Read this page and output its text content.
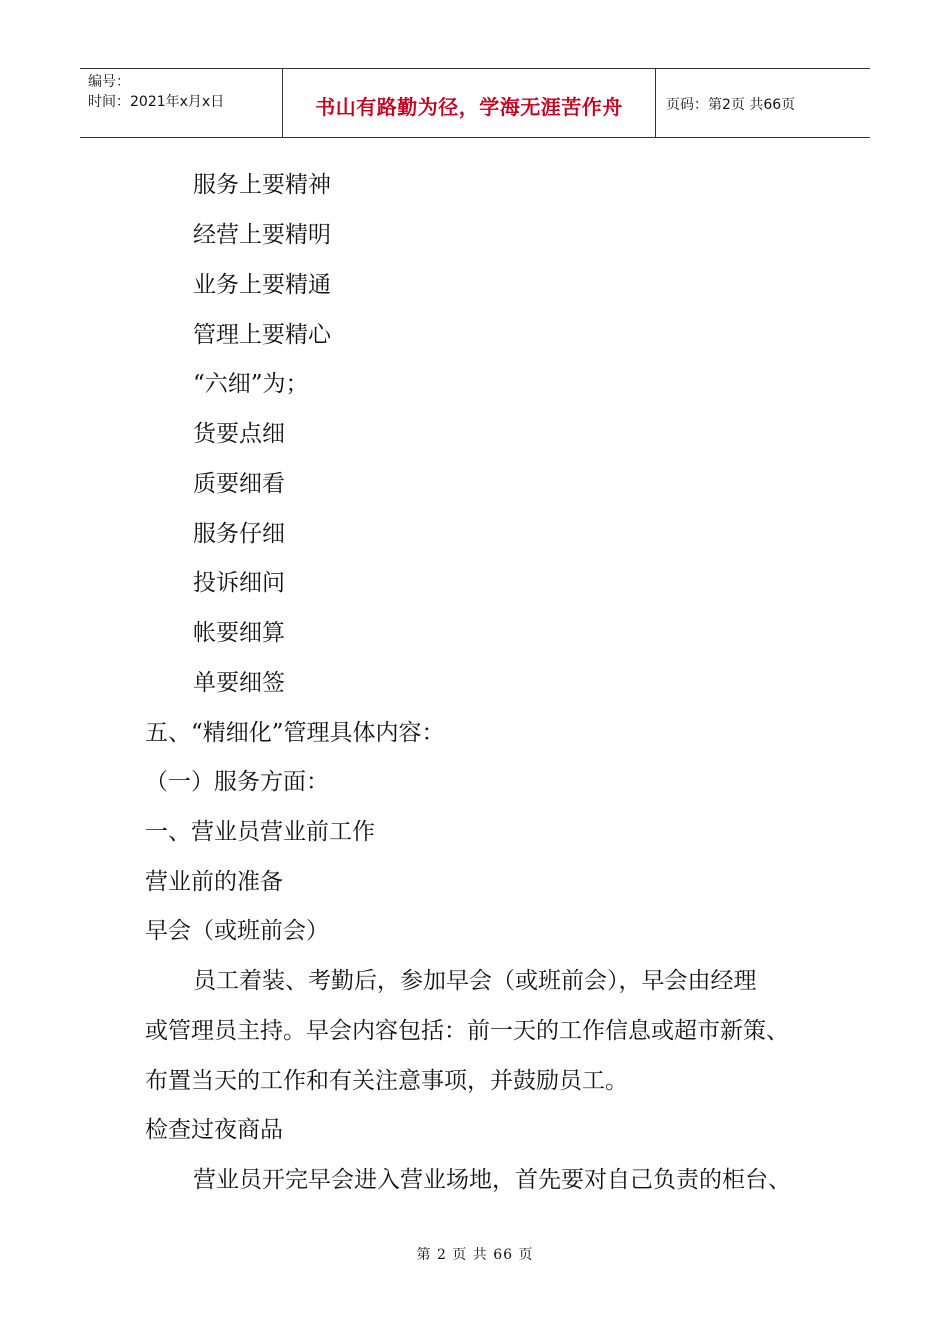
编号：
时间：2021年x月x日	书山有路勤为径，学海无涯苦作舟	页码：第2页 共66页
服务上要精神
经营上要精明
业务上要精通
管理上要精心
“六细”为；
货要点细
质要细看
服务仔细
投诉细问
帐要细算
单要细签
五、“精细化”管理具体内容：
（一）服务方面：
一、营业员营业前工作
营业前的准备
早会（或班前会）
员工着装、考勤后，参加早会（或班前会），早会由经理
或管理员主持。早会内容包括：前一天的工作信息或超市新策、
布置当天的工作和有关注意事项，并鼓励员工。
检查过夜商品
营业员开完早会进入营业场地，首先要对自己负责的柜台、
第 2 页 共 66 页
